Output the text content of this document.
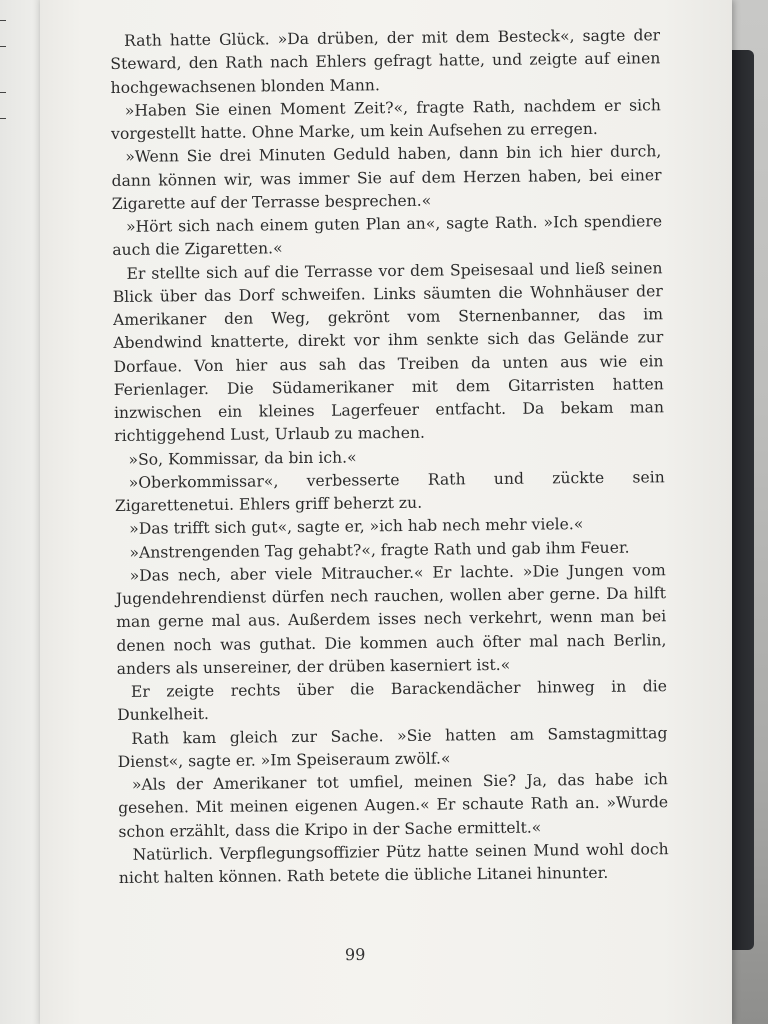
Rath hatte Glück. »Da drüben, der mit dem Besteck«, sagte der Steward, den Rath nach Ehlers gefragt hatte, und zeigte auf einen hochgewachsenen blonden Mann.

»Haben Sie einen Moment Zeit?«, fragte Rath, nachdem er sich vorgestellt hatte. Ohne Marke, um kein Aufsehen zu erregen.

»Wenn Sie drei Minuten Geduld haben, dann bin ich hier durch, dann können wir, was immer Sie auf dem Herzen haben, bei einer Zigarette auf der Terrasse besprechen.«

»Hört sich nach einem guten Plan an«, sagte Rath. »Ich spendiere auch die Zigaretten.«

Er stellte sich auf die Terrasse vor dem Speisesaal und ließ seinen Blick über das Dorf schweifen. Links säumten die Wohnhäuser der Amerikaner den Weg, gekrönt vom Sternenbanner, das im Abendwind knatterte, direkt vor ihm senkte sich das Gelände zur Dorfaue. Von hier aus sah das Treiben da unten aus wie ein Ferienlager. Die Südamerikaner mit dem Gitarristen hatten inzwischen ein kleines Lagerfeuer entfacht. Da bekam man richtiggehend Lust, Urlaub zu machen.

»So, Kommissar, da bin ich.«

»Oberkommissar«, verbesserte Rath und zückte sein Zigarettenetui. Ehlers griff beherzt zu.

»Das trifft sich gut«, sagte er, »ich hab nech mehr viele.«

»Anstrengenden Tag gehabt?«, fragte Rath und gab ihm Feuer.

»Das nech, aber viele Mitraucher.« Er lachte. »Die Jungen vom Jugendehrendienst dürfen nech rauchen, wollen aber gerne. Da hilft man gerne mal aus. Außerdem isses nech verkehrt, wenn man bei denen noch was guthat. Die kommen auch öfter mal nach Berlin, anders als unsereiner, der drüben kaserniert ist.«

Er zeigte rechts über die Barackendächer hinweg in die Dunkelheit.

Rath kam gleich zur Sache. »Sie hatten am Samstagmittag Dienst«, sagte er. »Im Speiseraum zwölf.«

»Als der Amerikaner tot umfiel, meinen Sie? Ja, das habe ich gesehen. Mit meinen eigenen Augen.« Er schaute Rath an. »Wurde schon erzählt, dass die Kripo in der Sache ermittelt.«

Natürlich. Verpflegungsoffizier Pütz hatte seinen Mund wohl doch nicht halten können. Rath betete die übliche Litanei hinunter.

99
